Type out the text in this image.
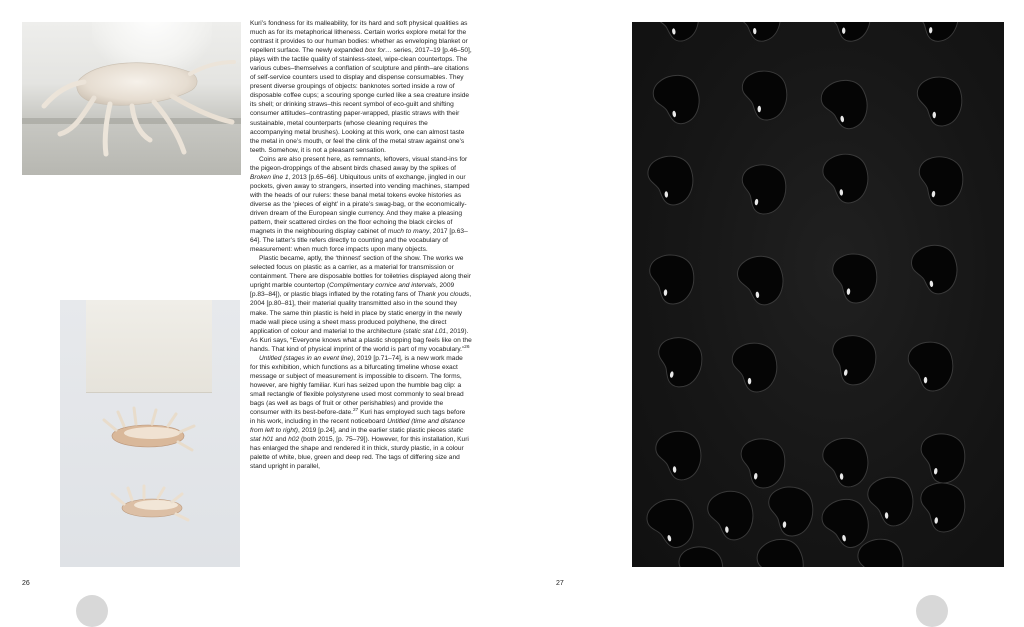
Kuri’s fondness for its malleability, for its hard and soft physical qualities as much as for its metaphorical litheness. Certain works explore metal for the contrast it provides to our human bodies: whether as enveloping blanket or repellent surface. The newly expanded box for… series, 2017–19 [p.46–50], plays with the tactile quality of stainless-steel, wipe-clean countertops. The various cubes–themselves a conflation of sculpture and plinth–are citations of self-service counters used to display and dispense consumables. They present diverse groupings of objects: banknotes sorted inside a row of disposable coffee cups; a scouring sponge curled like a sea creature inside its shell; or drinking straws–this recent symbol of eco-guilt and shifting consumer attitudes–contrasting paper-wrapped, plastic straws with their sustainable, metal counterparts (whose cleaning requires the accompanying metal brushes). Looking at this work, one can almost taste the metal in one’s mouth, or feel the clink of the metal straw against one’s teeth. Somehow, it is not a pleasant sensation.

Coins are also present here, as remnants, leftovers, visual stand-ins for the pigeon-droppings of the absent birds chased away by the spikes of Broken line 1, 2013 [p.65–66]. Ubiquitous units of exchange, jingled in our pockets, given away to strangers, inserted into vending machines, stamped with the heads of our rulers: these banal metal tokens evoke histories as diverse as the ‘pieces of eight’ in a pirate’s swag-bag, or the economically-driven dream of the European single currency. And they make a pleasing pattern, their scattered circles on the floor echoing the black circles of magnets in the neighbouring display cabinet of much to many, 2017 [p.63–64]. The latter’s title refers directly to counting and the vocabulary of measurement: when much force impacts upon many objects.

Plastic became, aptly, the ‘thinnest’ section of the show. The works we selected focus on plastic as a carrier, as a material for transmission or containment. There are disposable bottles for toiletries displayed along their upright marble countertop (Complimentary cornice and intervals, 2009 [p.83–84]), or plastic blags inflated by the rotating fans of Thank you clouds, 2004 [p.80–81], their material quality transmitted also in the sound they make. The same thin plastic is held in place by static energy in the newly made wall piece using a sheet mass produced polythene, the direct application of colour and material to the architecture (static stat L01, 2019). As Kuri says, “Everyone knows what a plastic shopping bag feels like on the hands. That kind of physical imprint of the world is part of my vocabulary.”$^{26}$

Untitled (stages in an event line), 2019 [p.71–74], is a new work made for this exhibition, which functions as a bifurcating timeline whose exact message or subject of measurement is impossible to discern. The forms, however, are highly familiar. Kuri has seized upon the humble bag clip: a small rectangle of flexible polystyrene used most commonly to seal bread bags (as well as bags of fruit or other perishables) and provide the consumer with its best-before-date.$^{27}$ Kuri has employed such tags before in his work, including in the recent noticeboard Untitled (time and distance from left to right), 2019 [p.24], and in the earlier static plastic pieces static stat h01 and h02 (both 2015, [p. 75–79]). However, for this installation, Kuri has enlarged the shape and rendered it in thick, sturdy plastic, in a colour palette of white, blue, green and deep red. The tags of differing size and stand upright in parallel,

26	27
